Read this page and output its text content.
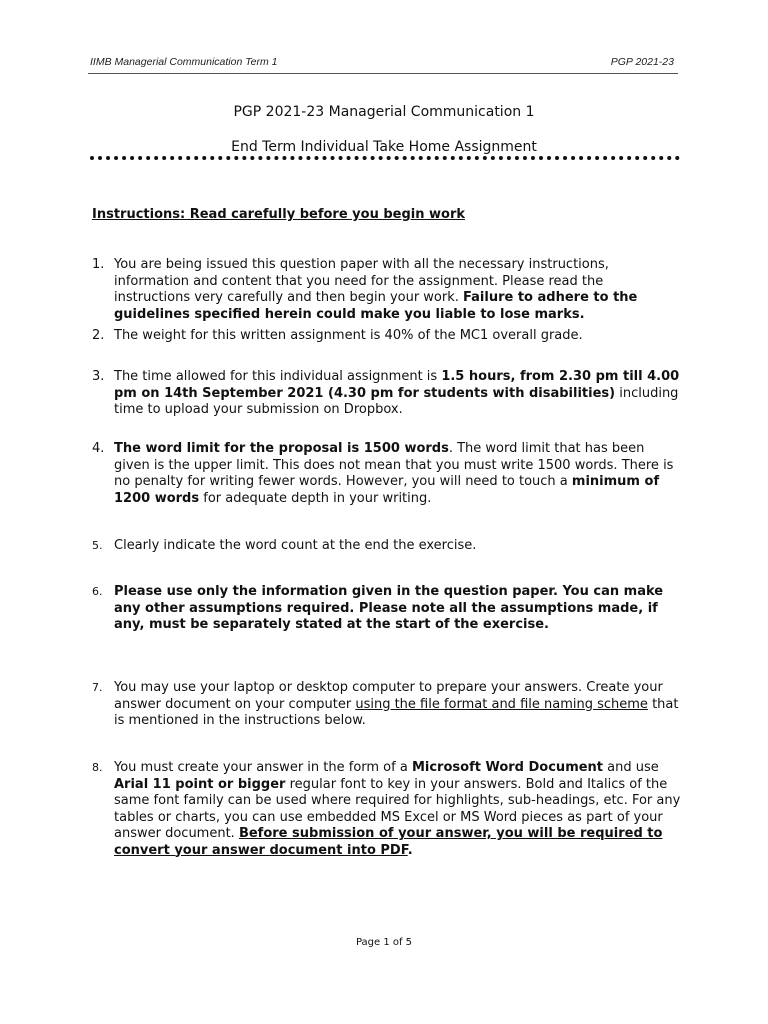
IIMB Managerial Communication Term 1	PGP 2021-23
PGP 2021-23 Managerial Communication 1
End Term Individual Take Home Assignment
Instructions: Read carefully before you begin work
1. You are being issued this question paper with all the necessary instructions, information and content that you need for the assignment. Please read the instructions very carefully and then begin your work. Failure to adhere to the guidelines specified herein could make you liable to lose marks.
2. The weight for this written assignment is 40% of the MC1 overall grade.
3. The time allowed for this individual assignment is 1.5 hours, from 2.30 pm till 4.00 pm on 14th September 2021 (4.30 pm for students with disabilities) including time to upload your submission on Dropbox.
4. The word limit for the proposal is 1500 words. The word limit that has been given is the upper limit. This does not mean that you must write 1500 words. There is no penalty for writing fewer words. However, you will need to touch a minimum of 1200 words for adequate depth in your writing.
5. Clearly indicate the word count at the end the exercise.
6. Please use only the information given in the question paper. You can make any other assumptions required. Please note all the assumptions made, if any, must be separately stated at the start of the exercise.
7. You may use your laptop or desktop computer to prepare your answers. Create your answer document on your computer using the file format and file naming scheme that is mentioned in the instructions below.
8. You must create your answer in the form of a Microsoft Word Document and use Arial 11 point or bigger regular font to key in your answers. Bold and Italics of the same font family can be used where required for highlights, sub-headings, etc. For any tables or charts, you can use embedded MS Excel or MS Word pieces as part of your answer document. Before submission of your answer, you will be required to convert your answer document into PDF.
Page 1 of 5
